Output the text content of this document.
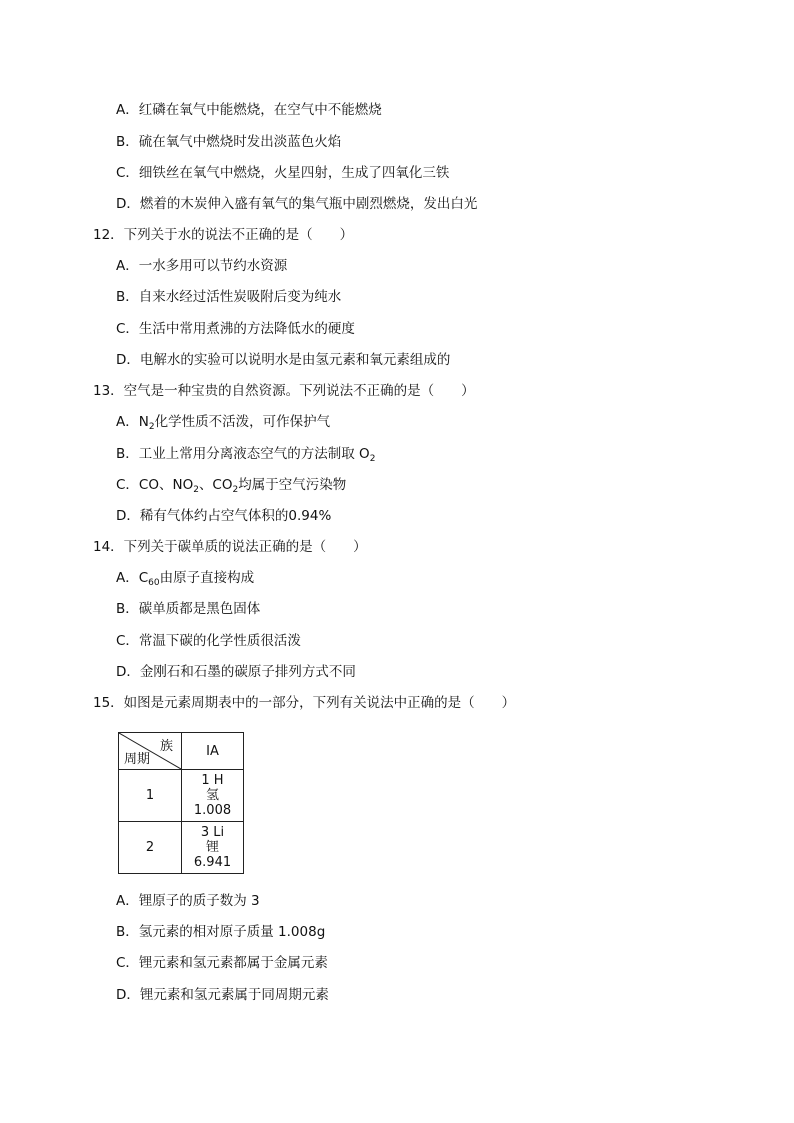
A．红磷在氧气中能燃烧，在空气中不能燃烧
B．硫在氧气中燃烧时发出淡蓝色火焰
C．细铁丝在氧气中燃烧，火星四射，生成了四氧化三铁
D．燃着的木炭伸入盛有氧气的集气瓶中剧烈燃烧，发出白光
12．下列关于水的说法不正确的是（　　）
A．一水多用可以节约水资源
B．自来水经过活性炭吸附后变为纯水
C．生活中常用煮沸的方法降低水的硬度
D．电解水的实验可以说明水是由氢元素和氧元素组成的
13．空气是一种宝贵的自然资源。下列说法不正确的是（　　）
A．$N_2$化学性质不活泼，可作保护气
B．工业上常用分离液态空气的方法制取 $O_2$
C．CO、$NO_2$、$CO_2$均属于空气污染物
D．稀有气体约占空气体积的0.94%
14．下列关于碳单质的说法正确的是（　　）
A．$C_{60}$由原子直接构成
B．碳单质都是黑色固体
C．常温下碳的化学性质很活泼
D．金刚石和石墨的碳原子排列方式不同
15．如图是元素周期表中的一部分，下列有关说法中正确的是（　　）
族
周期	ⅠA
1	1 H
氢
1.008

2	3 Li
锂
6.941
A．锂原子的质子数为 3
B．氢元素的相对原子质量 1.008g
C．锂元素和氢元素都属于金属元素
D．锂元素和氢元素属于同周期元素
